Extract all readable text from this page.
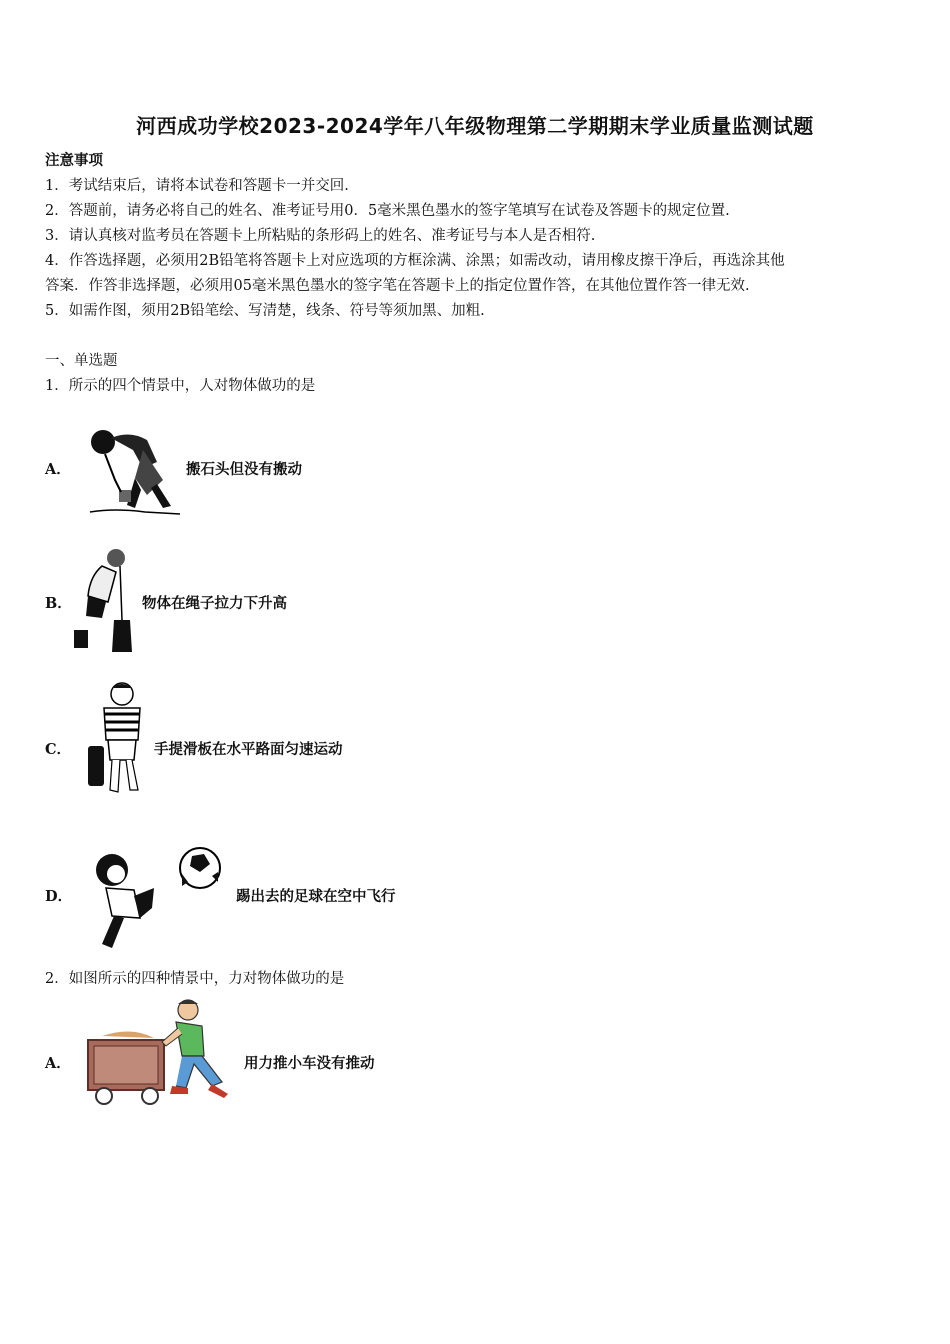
河西成功学校2023-2024学年八年级物理第二学期期末学业质量监测试题
注意事项
1．考试结束后，请将本试卷和答题卡一并交回.
2．答题前，请务必将自己的姓名、准考证号用0．5毫米黑色墨水的签字笔填写在试卷及答题卡的规定位置.
3．请认真核对监考员在答题卡上所粘贴的条形码上的姓名、准考证号与本人是否相符.
4．作答选择题，必须用2B铅笔将答题卡上对应选项的方框涂满、涂黑；如需改动，请用橡皮擦干净后，再选涂其他
答案．作答非选择题，必须用05毫米黑色墨水的签字笔在答题卡上的指定位置作答，在其他位置作答一律无效.
5．如需作图，须用2B铅笔绘、写清楚，线条、符号等须加黑、加粗.
一、单选题
1．所示的四个情景中，人对物体做功的是
A．	搬石头但没有搬动
B．	物体在绳子拉力下升高
C．	手提滑板在水平路面匀速运动
D．	踢出去的足球在空中飞行
2．如图所示的四种情景中，力对物体做功的是
A．	用力推小车没有推动
